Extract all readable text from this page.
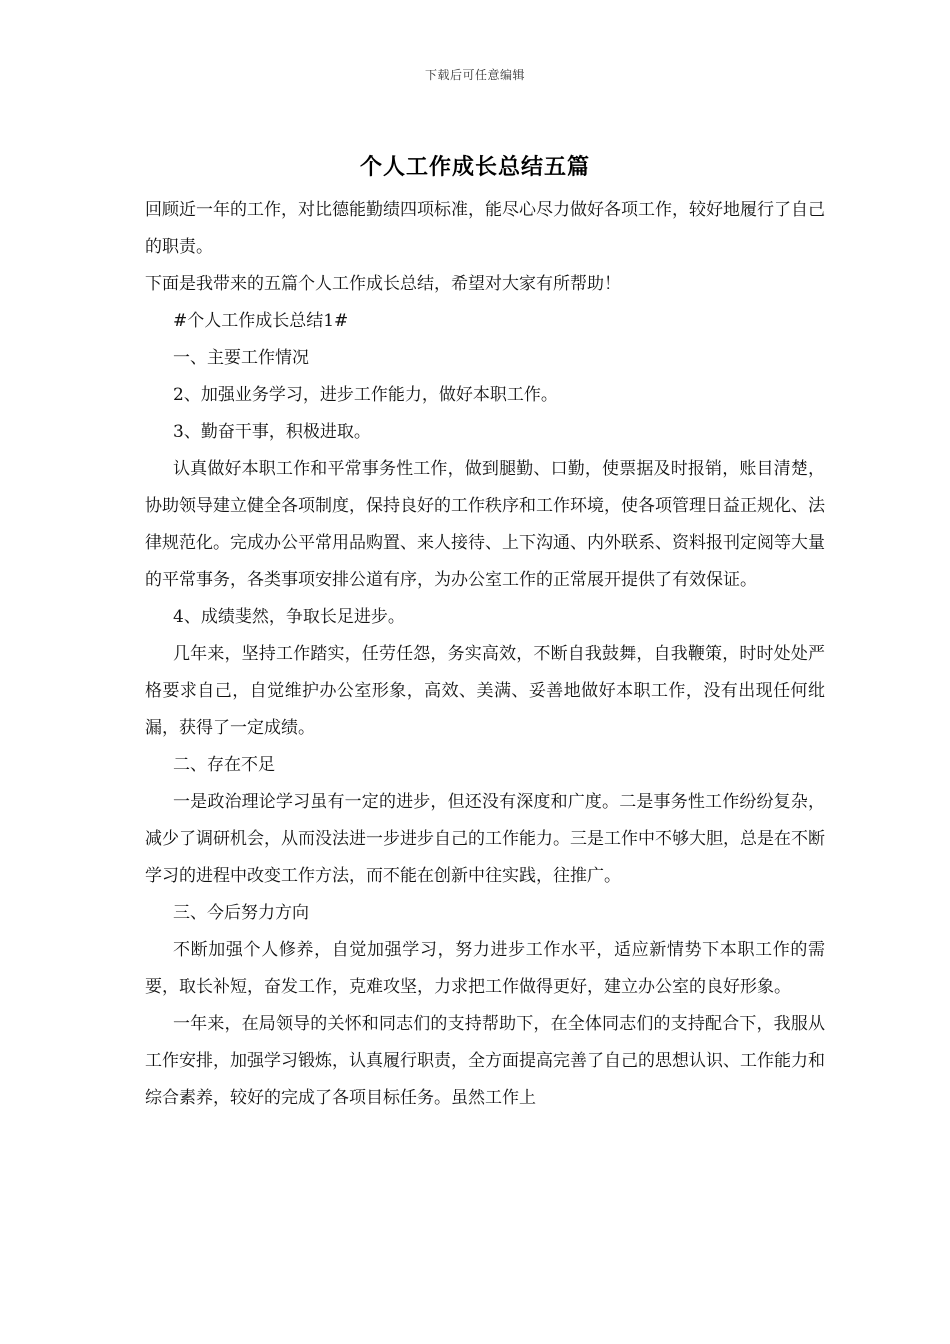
下载后可任意编辑
个人工作成长总结五篇

回顾近一年的工作，对比德能勤绩四项标准，能尽心尽力做好各项工作，较好地履行了自己的职责。

下面是我带来的五篇个人工作成长总结，希望对大家有所帮助！

#个人工作成长总结1#

一、主要工作情况

2、加强业务学习，进步工作能力，做好本职工作。

3、勤奋干事，积极进取。

认真做好本职工作和平常事务性工作，做到腿勤、口勤，使票据及时报销，账目清楚，协助领导建立健全各项制度，保持良好的工作秩序和工作环境，使各项管理日益正规化、法律规范化。完成办公平常用品购置、来人接待、上下沟通、内外联系、资料报刊定阅等大量的平常事务，各类事项安排公道有序，为办公室工作的正常展开提供了有效保证。

4、成绩斐然，争取长足进步。

几年来，坚持工作踏实，任劳任怨，务实高效，不断自我鼓舞，自我鞭策，时时处处严格要求自己，自觉维护办公室形象，高效、美满、妥善地做好本职工作，没有出现任何纰漏，获得了一定成绩。

二、存在不足

一是政治理论学习虽有一定的进步，但还没有深度和广度。二是事务性工作纷纷复杂，减少了调研机会，从而没法进一步进步自己的工作能力。三是工作中不够大胆，总是在不断学习的进程中改变工作方法，而不能在创新中往实践，往推广。

三、今后努力方向

不断加强个人修养，自觉加强学习，努力进步工作水平，适应新情势下本职工作的需要，取长补短，奋发工作，克难攻坚，力求把工作做得更好，建立办公室的良好形象。

一年来，在局领导的关怀和同志们的支持帮助下，在全体同志们的支持配合下，我服从工作安排，加强学习锻炼，认真履行职责，全方面提高完善了自己的思想认识、工作能力和综合素养，较好的完成了各项目标任务。虽然工作上
